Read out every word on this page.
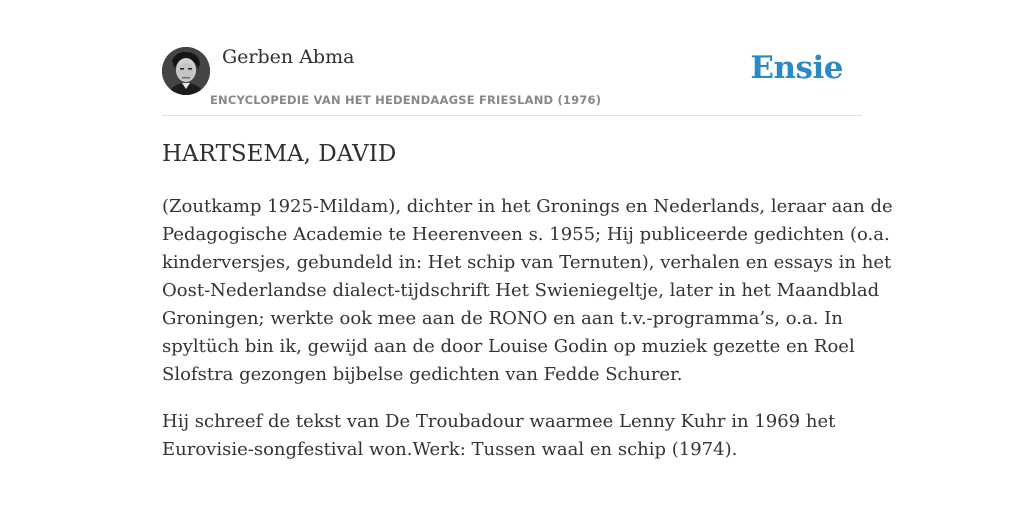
Gerben Abma
ENCYCLOPEDIE VAN HET HEDENDAAGSE FRIESLAND (1976)
Ensie
HARTSEMA, DAVID

(Zoutkamp 1925-Mildam), dichter in het Gronings en Nederlands, leraar aan de
Pedagogische Academie te Heerenveen s. 1955; Hij publiceerde gedichten (o.a.
kinderversjes, gebundeld in: Het schip van Ternuten), verhalen en essays in het
Oost-Nederlandse dialect-tijdschrift Het Swieniegeltje, later in het Maandblad
Groningen; werkte ook mee aan de RONO en aan t.v.-programma’s, o.a. In
spyltüch bin ik, gewijd aan de door Louise Godin op muziek gezette en Roel
Slofstra gezongen bijbelse gedichten van Fedde Schurer.

Hij schreef de tekst van De Troubadour waarmee Lenny Kuhr in 1969 het
Eurovisie-songfestival won.Werk: Tussen waal en schip (1974).
